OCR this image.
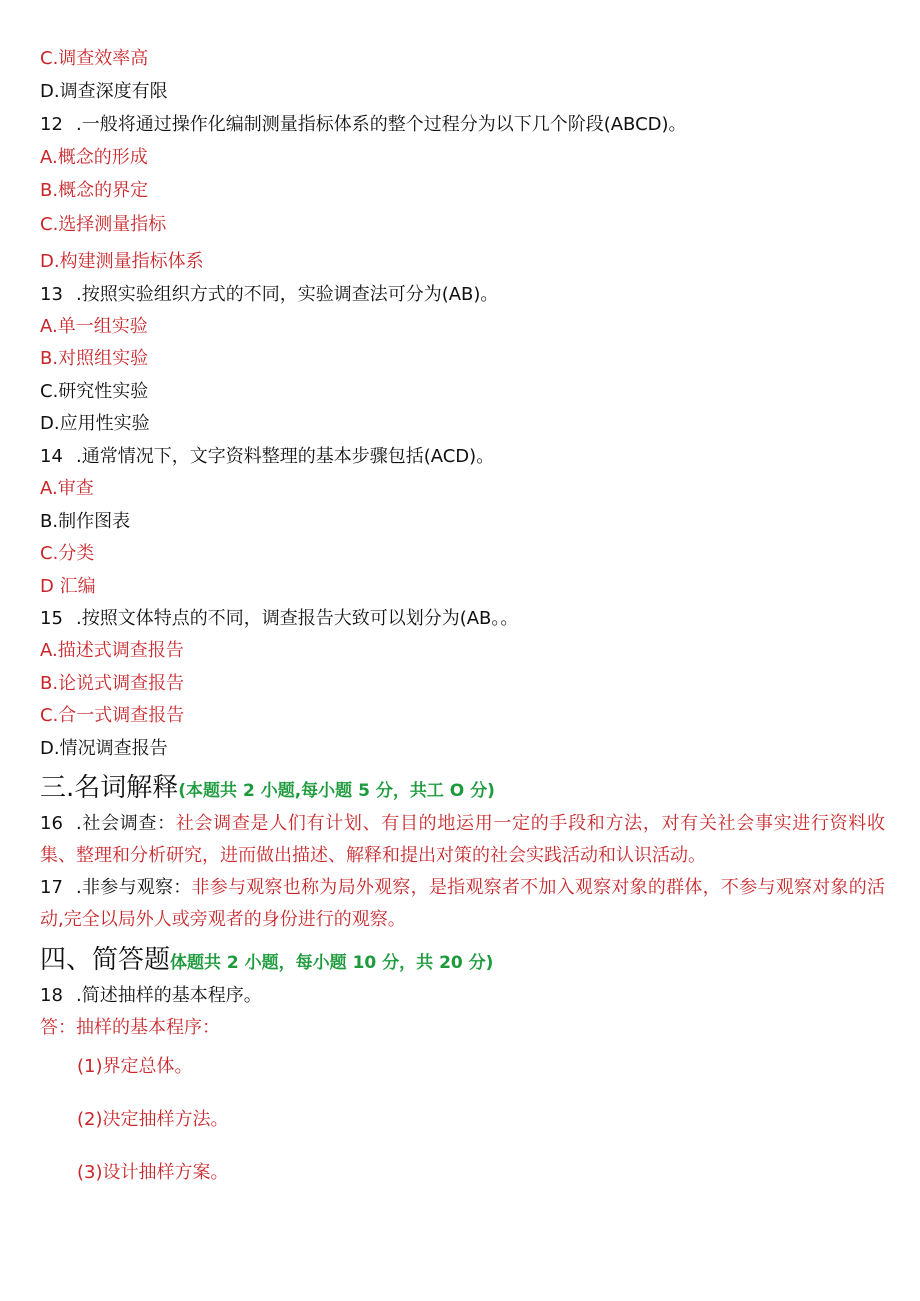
C.调查效率高
D.调查深度有限
12 .一般将通过操作化编制测量指标体系的整个过程分为以下几个阶段(ABCD)。
A.概念的形成
B.概念的界定
C.选择测量指标
D.构建测量指标体系
13 .按照实验组织方式的不同，实验调查法可分为(AB)。
A.单一组实验
B.对照组实验
C.研究性实验
D.应用性实验
14 .通常情况下，文字资料整理的基本步骤包括(ACD)。
A.审查
B.制作图表
C.分类
D 汇编
15 .按照文体特点的不同，调查报告大致可以划分为(AB。。
A.描述式调查报告
B.论说式调查报告
C.合一式调查报告
D.情况调查报告
三.名词解释(本题共 2 小题,每小题 5 分，共工 O 分)
16 .社会调查：社会调查是人们有计划、有目的地运用一定的手段和方法，对有关社会事实进行资料收集、整理和分析研究，进而做出描述、解释和提出对策的社会实践活动和认识活动。
17 .非参与观察：非参与观察也称为局外观察，是指观察者不加入观察对象的群体，不参与观察对象的活动,完全以局外人或旁观者的身份进行的观察。
四、简答题体题共 2 小题，每小题 10 分，共 20 分)
18 .简述抽样的基本程序。
答：抽样的基本程序：
(1)界定总体。
(2)决定抽样方法。
(3)设计抽样方案。
